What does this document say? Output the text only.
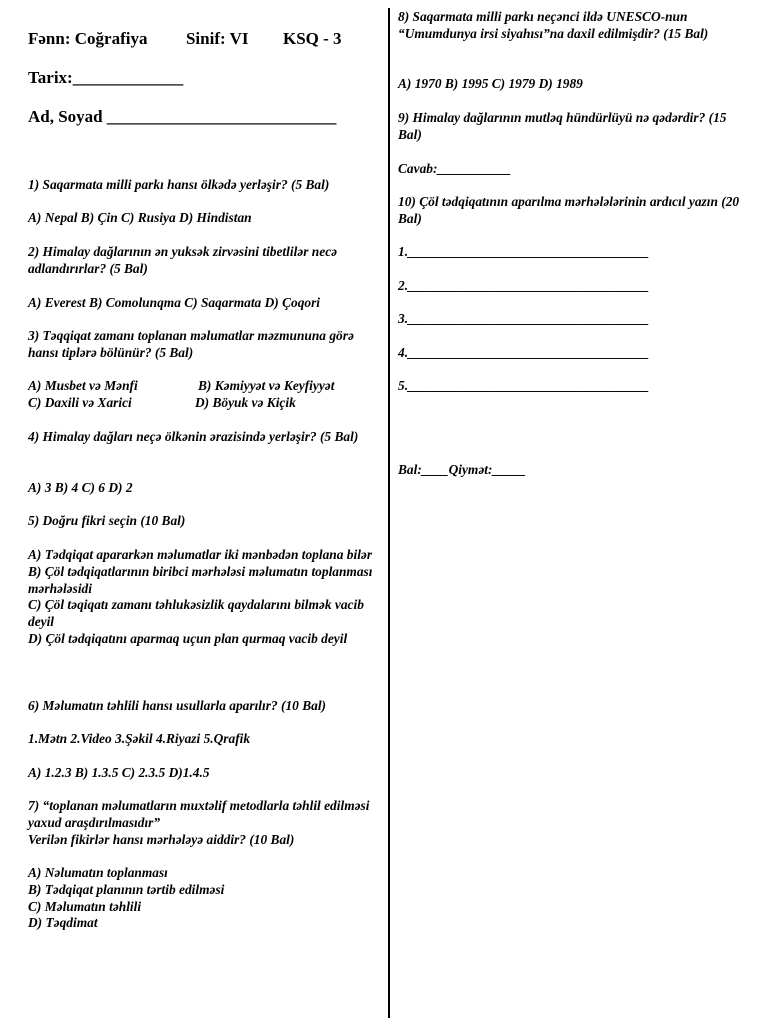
Fənn: Coğrafiya Sinif: VI KSQ - 3
Tarix:_____________
Ad, Soyad ___________________________
1) Saqarmata milli parkı hansı ölkədə yerləşir? (5 Bal)
A) Nepal B) Çin C) Rusiya D) Hindistan
2) Himalay dağlarının ən yuksək zirvəsini tibetlilər necə adlandırırlar? (5 Bal)
A) Everest B) Comolunqma C) Saqarmata D) Çoqori
3) Təqqiqat zamanı toplanan məlumatlar məzmununa görə hansı tiplərə bölünür? (5 Bal)
A) Musbet və Mənfi	B) Kəmiyyət və Keyfiyyət
C) Daxili və Xarici	D) Böyuk və Kiçik
4) Himalay dağları neçə ölkənin ərazisində yerləşir? (5 Bal)
A) 3 B) 4 C) 6 D) 2
5) Doğru fikri seçin (10 Bal)
A) Tədqiqat apararkən məlumatlar iki mənbədən toplana bilər
B) Çöl tədqiqatlarının biribci mərhələsi məlumatın toplanması mərhələsidi
C) Çöl təqiqatı zamanı təhlukəsizlik qaydalarını bilmək vacib deyil
D) Çöl tədqiqatını aparmaq uçun plan qurmaq vacib deyil
6) Məlumatın təhlili hansı usullarla aparılır? (10 Bal)
1.Mətn 2.Video 3.Şəkil 4.Riyazi 5.Qrafik
A) 1.2.3 B) 1.3.5 C) 2.3.5 D)1.4.5
7) “toplanan məlumatların muxtəlif metodlarla təhlil edilməsi yaxud araşdırılmasıdır”
Verilən fikirlər hansı mərhələyə aiddir? (10 Bal)
A) Nəlumatın toplanması
B) Tədqiqat planının tərtib edilməsi
C) Məlumatın təhlili
D) Təqdimat
8) Saqarmata milli parkı neçənci ildə UNESCO-nun “Umumdunya irsi siyahısı”na daxil edilmişdir? (15 Bal)
A) 1970 B) 1995 C) 1979 D) 1989
9) Himalay dağlarının mutləq hündürlüyü nə qədərdir? (15 Bal)
Cavab:___________
10) Çöl tədqiqatının aparılma mərhələlərinin ardıcıl yazın (20 Bal)
1.____________________________________
2.____________________________________
3.____________________________________
4.____________________________________
5.____________________________________
Bal:____Qiymət:_____
